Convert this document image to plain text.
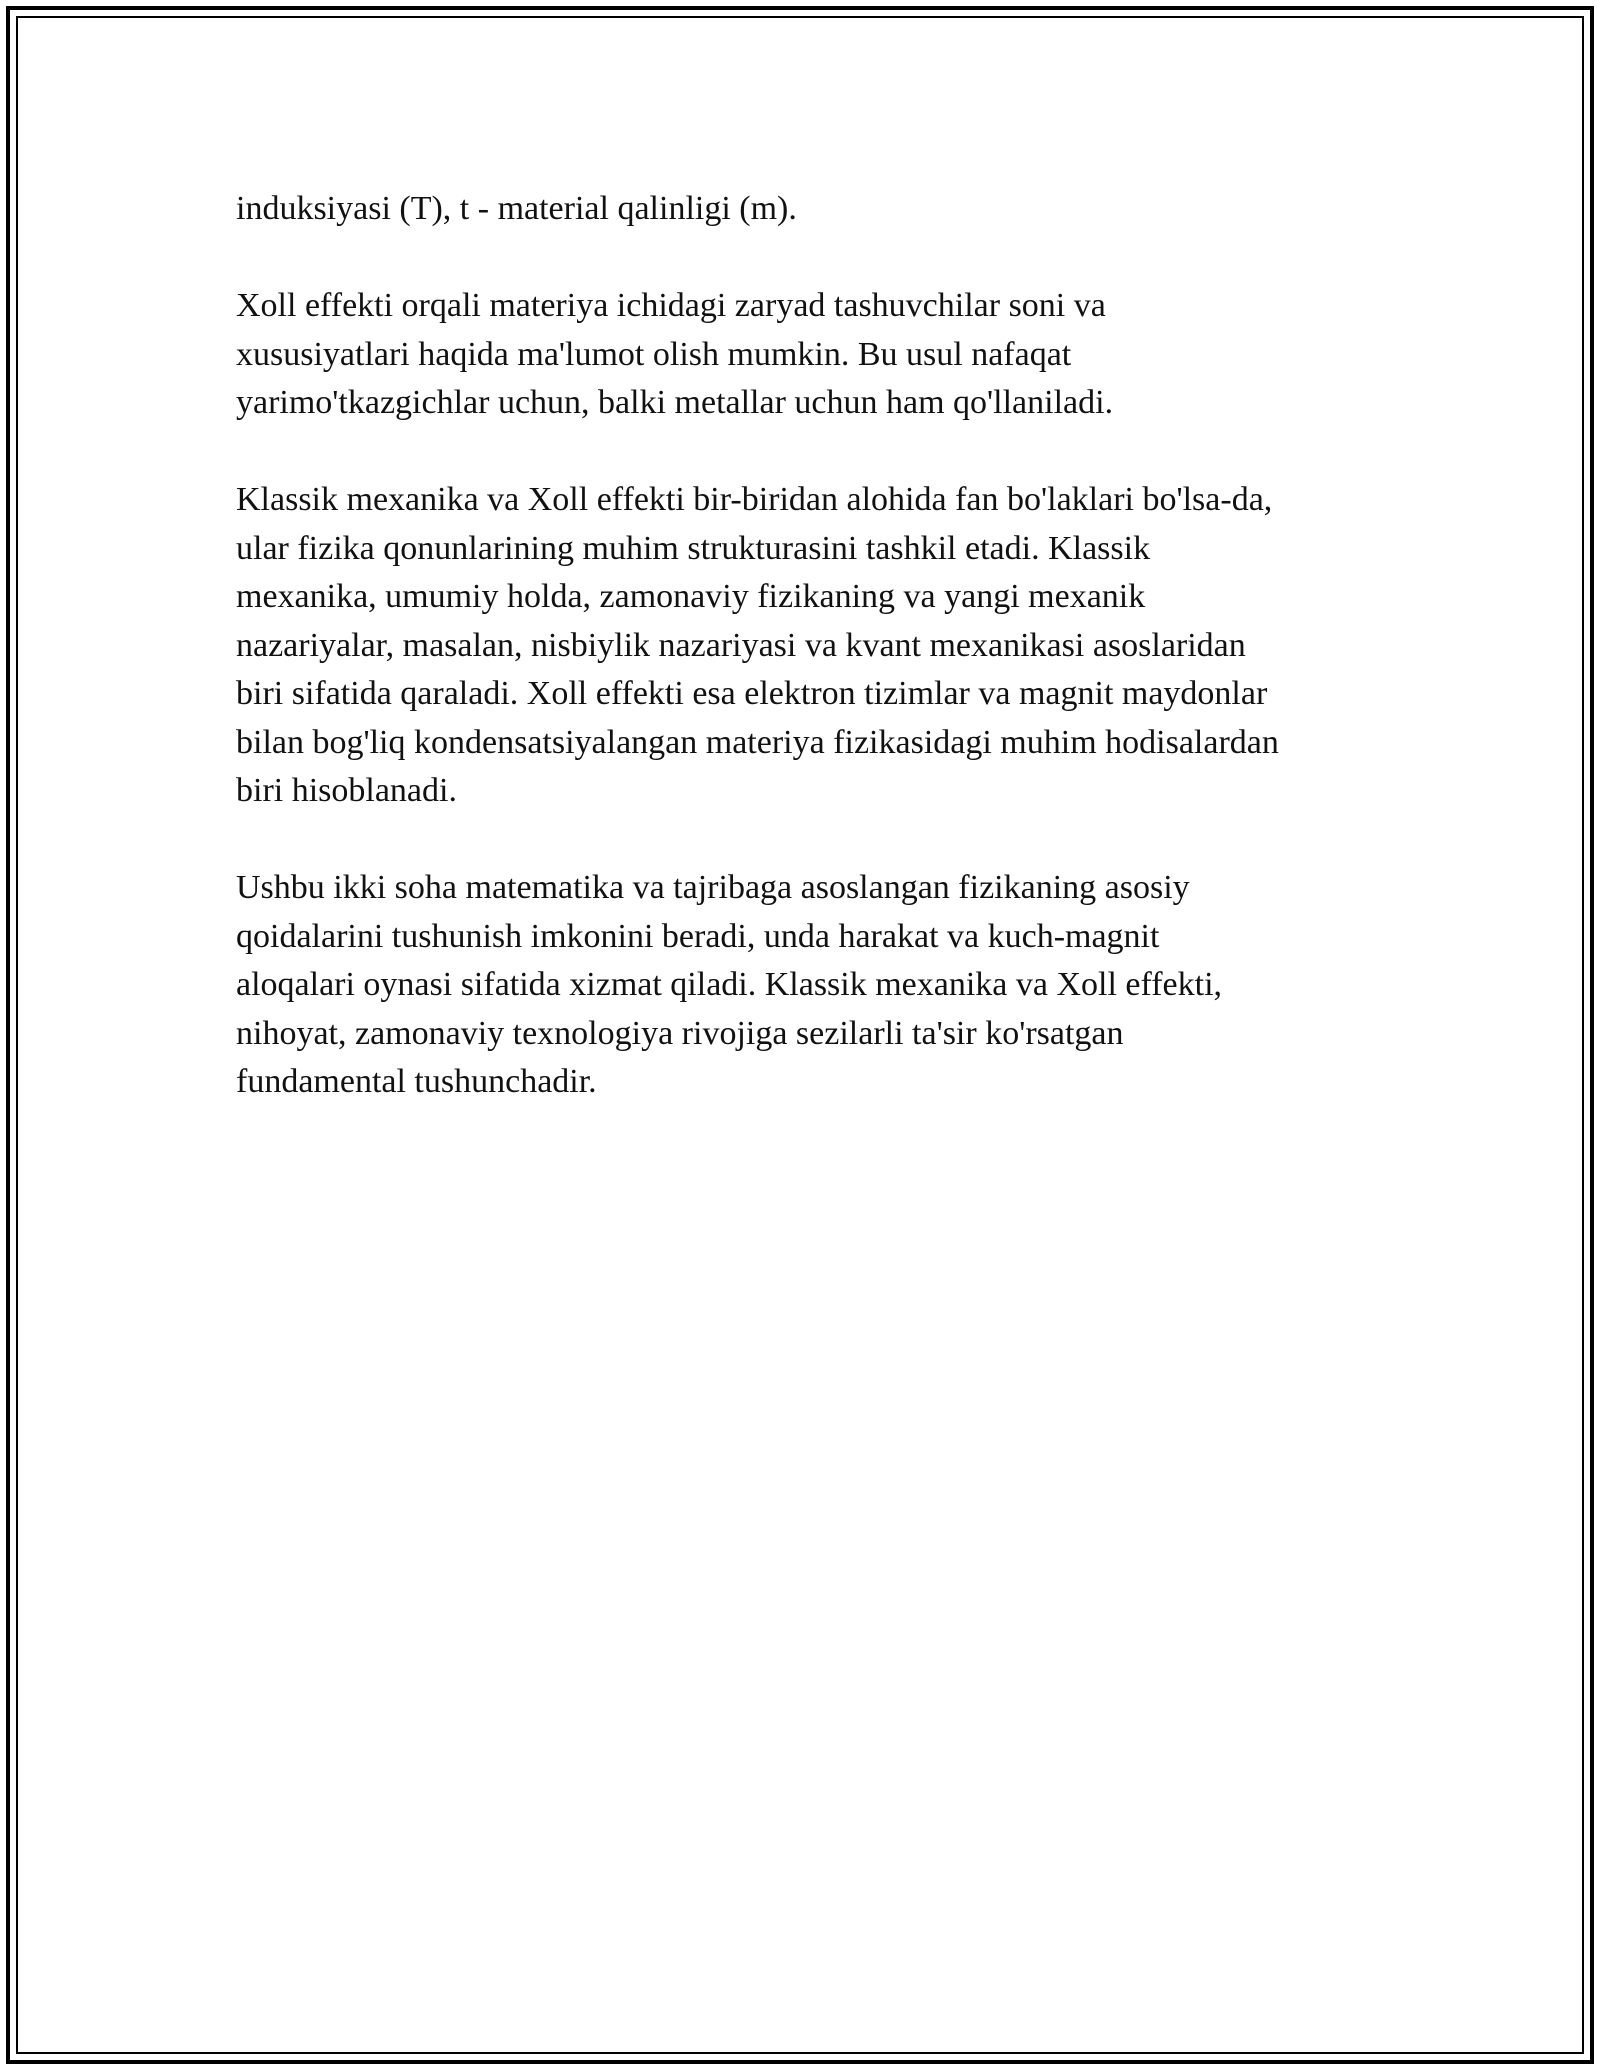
induksiyasi (T), t - material qalinligi (m).

Xoll effekti orqali materiya ichidagi zaryad tashuvchilar soni va
xususiyatlari haqida ma'lumot olish mumkin. Bu usul nafaqat
yarimo'tkazgichlar uchun, balki metallar uchun ham qo'llaniladi.

Klassik mexanika va Xoll effekti bir-biridan alohida fan bo'laklari bo'lsa-da,
ular fizika qonunlarining muhim strukturasini tashkil etadi. Klassik
mexanika, umumiy holda, zamonaviy fizikaning va yangi mexanik
nazariyalar, masalan, nisbiylik nazariyasi va kvant mexanikasi asoslaridan
biri sifatida qaraladi. Xoll effekti esa elektron tizimlar va magnit maydonlar
bilan bog'liq kondensatsiyalangan materiya fizikasidagi muhim hodisalardan
biri hisoblanadi.

Ushbu ikki soha matematika va tajribaga asoslangan fizikaning asosiy
qoidalarini tushunish imkonini beradi, unda harakat va kuch-magnit
aloqalari oynasi sifatida xizmat qiladi. Klassik mexanika va Xoll effekti,
nihoyat, zamonaviy texnologiya rivojiga sezilarli ta'sir ko'rsatgan
fundamental tushunchadir.
